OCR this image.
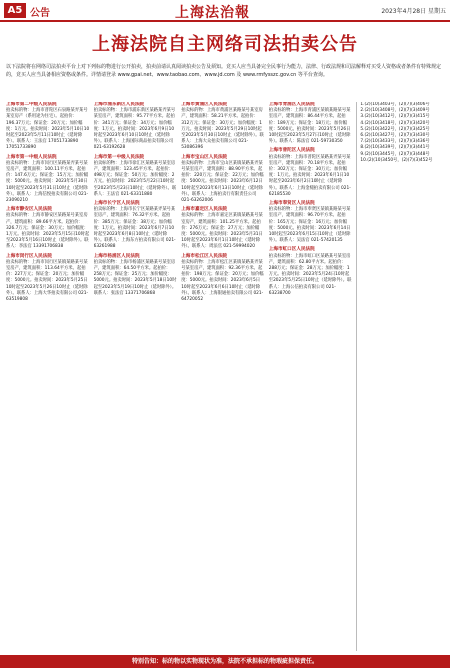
A5 公告	上海法治報	2023年4月28日 星期五
上海法院自主网络司法拍卖公告
以下法院将在网络司法拍卖平台上对下列标的物进行公开拍卖，拍卖前请认真阅读拍卖公告及须知。竞买人应当具备完全民事行为能力，法律、行政法规和司法解释对买受人资格或者条件有特殊规定的，竞买人应当具备相应资格或条件。详情请登录 www.gpai.net、www.taobao.com、www.jd.com 及 www.rmfysszc.gov.cn 等平台查询。
上海市第二中级人民法院
拍卖标的物：上海市普陀区石泉路某弄某号某室房产（系用途为住宅）。起拍价：196.37万元；保证金：20万元；加价幅度：1万元。拍卖时间：2023年5月10日10时起至2023年5月11日10时止（延时除外）。联系人：王法官 17051733890 17051733890
上海市第一中级人民法院
拍卖标的物：上海市闵行区某路某弄某号某室房产，建筑面积：100.11平方米。起拍价：147.6万元；保证金：15万元；加价幅度：5000元。拍卖时间：2023年5月30日10时起至2023年5月31日10时止（延时除外）。联系人：上海信悦拍卖有限公司 021-23090210
上海市静安区人民法院
拍卖标的物：上海市静安区某路某号某室房产，建筑面积：89.66平方米。起拍价：326.7万元；保证金：30万元；加价幅度：1万元。拍卖时间：2023年5月15日10时起至2023年5月16日10时止（延时除外）。联系人：李法官 13391706838
上海市闵行区人民法院
拍卖标的物：上海市闵行区某镇某路某号某室房产，建筑面积：113.64平方米。起拍价：227万元；保证金：20万元；加价幅度：5000元。拍卖时间：2023年5月25日10时起至2023年5月26日10时止（延时除外）。联系人：上海大华拍卖有限公司 021-63519808
上海市浦东新区人民法院
拍卖标的物：上海市浦东新区某路某弄某号某室房产，建筑面积：95.77平方米。起拍价：341万元；保证金：34万元；加价幅度：1万元。拍卖时间：2023年6月9日10时起至2023年6月10日10时止（延时除外）。联系人：上海国际商品拍卖有限公司 021-63192628
上海市第一中级人民法院
拍卖标的物：上海市徐汇区某路某号某室房产，建筑面积：123.45平方米。起拍价：498万元；保证金：50万元；加价幅度：2万元。拍卖时间：2023年5月22日10时起至2023年5月23日10时止（延时除外）。联系人：王法官 021-63311880
上海市长宁区人民法院
拍卖标的物：上海市长宁区某路某弄某号某室房产，建筑面积：76.32平方米。起拍价：385万元；保证金：38万元；加价幅度：1万元。拍卖时间：2023年6月7日10时起至2023年6月8日10时止（延时除外）。联系人：上海东方拍卖有限公司 021-63261988
上海市杨浦区人民法院
拍卖标的物：上海市杨浦区某路某号某室房产，建筑面积：64.50平方米。起拍价：258万元；保证金：25万元；加价幅度：5000元。拍卖时间：2023年5月18日10时起至2023年5月19日10时止（延时除外）。联系人：张法官 13371706868
上海市黄浦区人民法院
拍卖标的物：上海市黄浦区某路某号某室房产，建筑面积：58.21平方米。起拍价：312万元；保证金：30万元；加价幅度：1万元。拍卖时间：2023年5月29日10时起至2023年5月30日10时止（延时除外）。联系人：上海大众拍卖有限公司 021-53086396
上海市宝山区人民法院
拍卖标的物：上海市宝山区某镇某路某弄某号某室房产，建筑面积：88.90平方米。起拍价：220万元；保证金：22万元；加价幅度：5000元。拍卖时间：2023年6月12日10时起至2023年6月13日10时止（延时除外）。联系人：上海拍卖行有限责任公司 021-63262006
上海市嘉定区人民法院
拍卖标的物：上海市嘉定区某镇某路某号某室房产，建筑面积：101.25平方米。起拍价：276万元；保证金：27万元；加价幅度：5000元。拍卖时间：2023年5月31日10时起至2023年6月1日10时止（延时除外）。联系人：周法官 021-59994020
上海市松江区人民法院
拍卖标的物：上海市松江区某镇某路某弄某号某室房产，建筑面积：92.36平方米。起拍价：198万元；保证金：20万元；加价幅度：5000元。拍卖时间：2023年6月5日10时起至2023年6月6日10时止（延时除外）。联系人：上海银通拍卖有限公司 021-64720052
上海市青浦区人民法院
拍卖标的物：上海市青浦区某镇某路某号某室房产，建筑面积：86.44平方米。起拍价：189万元；保证金：18万元；加价幅度：5000元。拍卖时间：2023年5月26日10时起至2023年5月27日10时止（延时除外）。联系人：陈法官 021-59730350
上海市普陀区人民法院
拍卖标的物：上海市普陀区某路某弄某号某室房产，建筑面积：70.18平方米。起拍价：302万元；保证金：30万元；加价幅度：1万元。拍卖时间：2023年6月1日10时起至2023年6月2日10时止（延时除外）。联系人：上海金槌拍卖有限公司 021-62185530
上海市奉贤区人民法院
拍卖标的物：上海市奉贤区某镇某路某号某室房产，建筑面积：96.70平方米。起拍价：165万元；保证金：16万元；加价幅度：5000元。拍卖时间：2023年6月14日10时起至2023年6月15日10时止（延时除外）。联系人：吴法官 021-57420135
上海市虹口区人民法院
拍卖标的物：上海市虹口区某路某号某室房产，建筑面积：62.80平方米。起拍价：288万元；保证金：28万元；加价幅度：1万元。拍卖时间：2023年5月24日10时起至2023年5月25日10时止（延时除外）。联系人：上海公信拍卖有限公司 021-63238700
1.(2)(10)3403号，(2)(7)(3)406号
2.(2)(10)3408号，(2)(7)(3)409号
3.(2)(10)3412号，(2)(7)(3)415号
4.(2)(10)3418号，(2)(7)(3)420号
5.(2)(10)3422号，(2)(7)(3)425号
6.(2)(10)3427号，(2)(7)(3)430号
7.(2)(10)3433号，(2)(7)(3)436号
8.(2)(10)3439号，(2)(7)(3)441号
9.(2)(10)3445号，(2)(7)(3)448号
10.(2)(10)3450号，(2)(7)(3)452号
特别告知：标的物以实物现状为准，法院不承担标的物瑕疵担保责任。
